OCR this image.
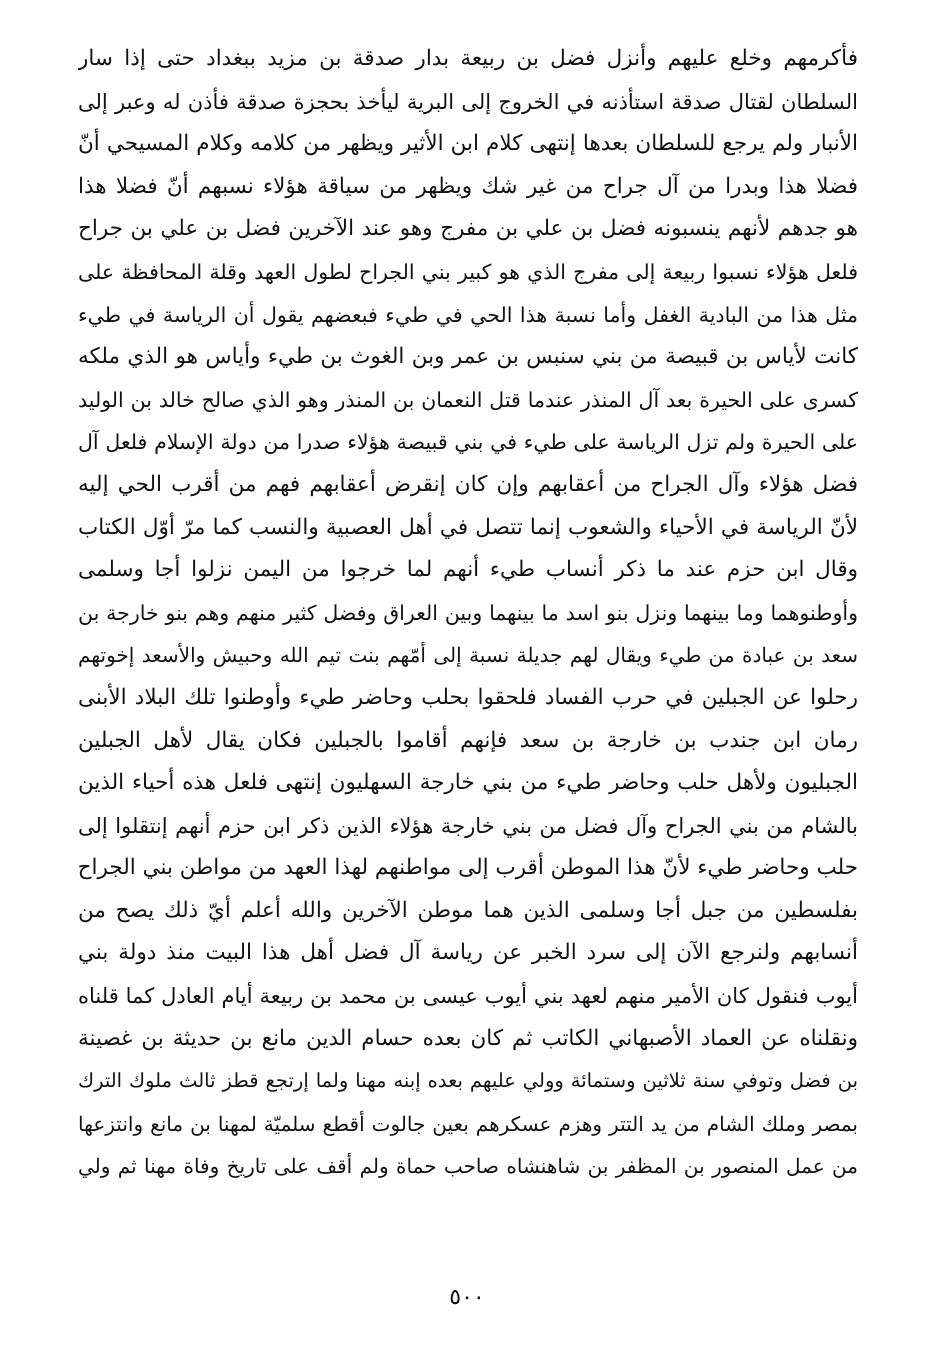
فأكرمهم وخلع عليهم وأنزل فضل بن ربيعة بدار صدقة بن مزيد ببغداد حتى إذا سار
السلطان لقتال صدقة استأذنه في الخروج إلى البرية ليأخذ بحجزة صدقة فأذن له وعبر إلى
الأنبار ولم يرجع للسلطان بعدها إنتهى كلام ابن الأثير ويظهر من كلامه وكلام المسيحي أنّ
فضلا هذا وبدرا من آل جراح من غير شك ويظهر من سياقة هؤلاء نسبهم أنّ فضلا هذا
هو جدهم لأنهم ينسبونه فضل بن علي بن مفرج وهو عند الآخرين فضل بن علي بن جراح
فلعل هؤلاء نسبوا ربيعة إلى مفرج الذي هو كبير بني الجراح لطول العهد وقلة المحافظة على
مثل هذا من البادية الغفل وأما نسبة هذا الحي في طيء فبعضهم يقول أن الرياسة في طيء
كانت لأياس بن قبيصة من بني سنبس بن عمر وبن الغوث بن طيء وأياس هو الذي ملكه
كسرى على الحيرة بعد آل المنذر عندما قتل النعمان بن المنذر وهو الذي صالح خالد بن الوليد
على الحيرة ولم تزل الرياسة على طيء في بني قبيصة هؤلاء صدرا من دولة الإسلام فلعل آل
فضل هؤلاء وآل الجراح من أعقابهم وإن كان إنقرض أعقابهم فهم من أقرب الحي إليه
لأنّ الرياسة في الأحياء والشعوب إنما تتصل في أهل العصبية والنسب كما مرّ أوّل الكتاب
وقال ابن حزم عند ما ذكر أنساب طيء أنهم لما خرجوا من اليمن نزلوا أجا وسلمى
وأوطنوهما وما بينهما ونزل بنو اسد ما بينهما وبين العراق وفضل كثير منهم وهم بنو خارجة بن
سعد بن عبادة من طيء ويقال لهم جديلة نسبة إلى أمّهم بنت تيم الله وحبيش والأسعد إخوتهم
رحلوا عن الجبلين في حرب الفساد فلحقوا بحلب وحاضر طيء وأوطنوا تلك البلاد الأبنى
رمان ابن جندب بن خارجة بن سعد فإنهم أقاموا بالجبلين فكان يقال لأهل الجبلين
الجبليون ولأهل حلب وحاضر طيء من بني خارجة السهليون إنتهى فلعل هذه أحياء الذين
بالشام من بني الجراح وآل فضل من بني خارجة هؤلاء الذين ذكر ابن حزم أنهم إنتقلوا إلى
حلب وحاضر طيء لأنّ هذا الموطن أقرب إلى مواطنهم لهذا العهد من مواطن بني الجراح
بفلسطين من جبل أجا وسلمى الذين هما موطن الآخرين والله أعلم أيّ ذلك يصح من
أنسابهم ولنرجع الآن إلى سرد الخبر عن رياسة آل فضل أهل هذا البيت منذ دولة بني
أيوب فنقول كان الأمير منهم لعهد بني أيوب عيسى بن محمد بن ربيعة أيام العادل كما قلناه
ونقلناه عن العماد الأصبهاني الكاتب ثم كان بعده حسام الدين مانع بن حديثة بن غصينة
بن فضل وتوفي سنة ثلاثين وستمائة وولي عليهم بعده إبنه مهنا ولما إرتجع قطز ثالث ملوك الترك
بمصر وملك الشام من يد التتر وهزم عسكرهم بعين جالوت أقطع سلميّة لمهنا بن مانع وانتزعها
من عمل المنصور بن المظفر بن شاهنشاه صاحب حماة ولم أقف على تاريخ وفاة مهنا ثم ولي
٥٠٠
